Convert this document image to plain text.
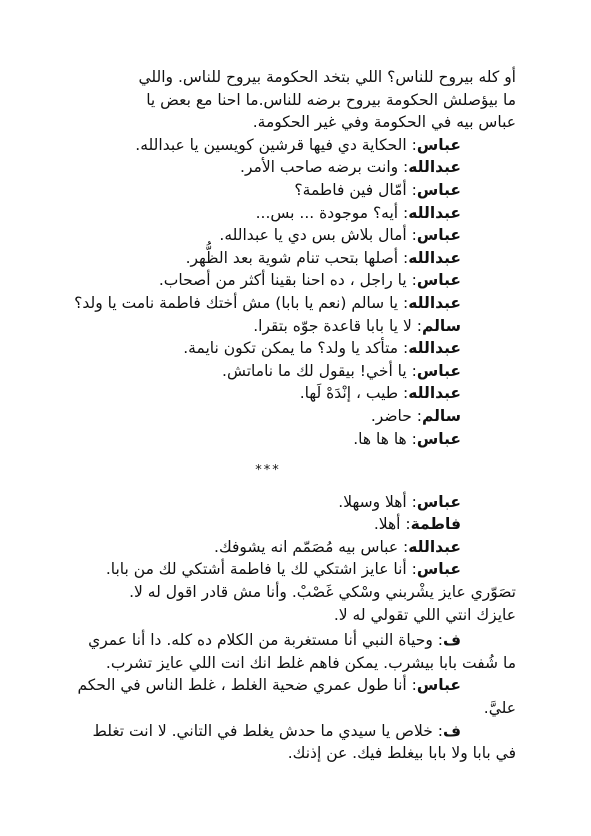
أو كله بيروح للناس؟ اللي بتخد الحكومة بيروح للناس. واللي
ما بيؤصلش الحكومة بيروح برضه للناس.ما احنا مع بعض يا
عباس بيه في الحكومة وفي غير الحكومة.
عباس: الحكاية دي فيها قرشين كويسين يا عبدالله.
عبدالله: وانت برضه صاحب الأمر.
عباس: أمّال فين فاطمة؟
عبدالله: أيه؟ موجودة ... بس...
عباس: أمال بلاش بس دي يا عبدالله.
عبدالله: أصلها بتحب تنام شوية بعد الظُّهر.
عباس: يا راجل ، ده احنا بقينا أكثر من أصحاب.
عبدالله: يا سالم (نعم يا بابا) مش أختك فاطمة نامت يا ولد؟
سالم: لا يا بابا قاعدة جوّه بتقرا.
عبدالله: متأكد يا ولد؟ ما يمكن تكون نايمة.
عباس: يا أخي! بيقول لك ما ناماتش.
عبدالله: طيب ، إنْدَهْ لَها.
سالم: حاضر.
عباس: ها ها ها.
***
عباس: أهلا وسهلا.
فاطمة: أهلا.
عبدالله: عباس بيه مُصَمّم انه يشوفك.
عباس: أنا عايز اشتكي لك يا فاطمة أشتكي لك من بابا.
تصَوّري عايز يشْربني وسْكي غَصْبْ. وأنا مش قادر اقول له لا.
عايزك انتي اللي تقولي له لا.
ف: وحياة النبي أنا مستغربة من الكلام ده كله. دا أنا عمري
ما شُفت بابا بيشرب. يمكن فاهم غلط انك انت اللي عايز تشرب.
عباس: أنا طول عمري ضحية الغلط ، غلط الناس في الحكم
عليَّ.
ف: خلاص يا سيدي ما حدش يغلط في التاني. لا انت تغلط
في بابا ولا بابا بيغلط فيك. عن إذنك.
